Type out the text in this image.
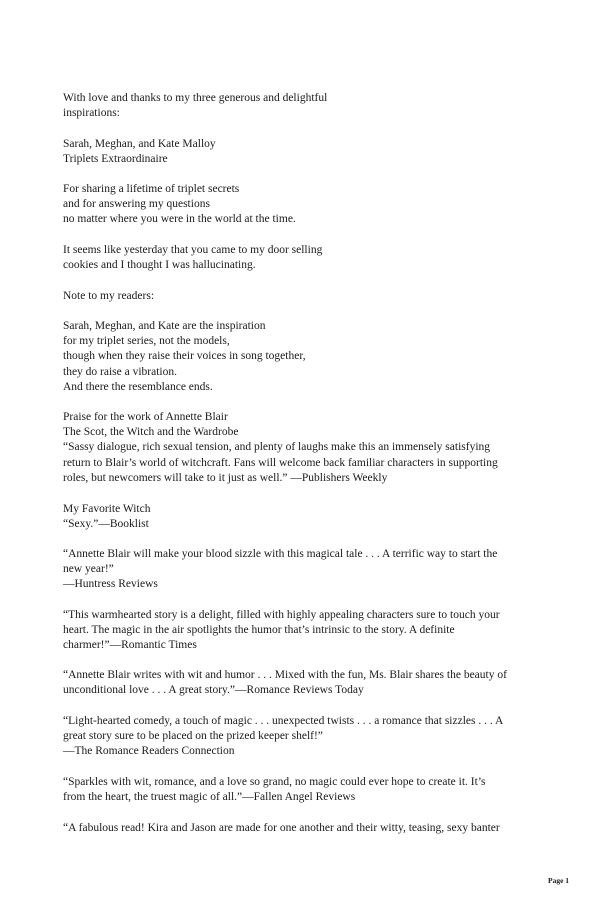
With love and thanks to my three generous and delightful
inspirations:
Sarah, Meghan, and Kate Malloy
Triplets Extraordinaire
For sharing a lifetime of triplet secrets
and for answering my questions
no matter where you were in the world at the time.
It seems like yesterday that you came to my door selling
cookies and I thought I was hallucinating.
Note to my readers:
Sarah, Meghan, and Kate are the inspiration
for my triplet series, not the models,
though when they raise their voices in song together,
they do raise a vibration.
And there the resemblance ends.
Praise for the work of Annette Blair
The Scot, the Witch and the Wardrobe
“Sassy dialogue, rich sexual tension, and plenty of laughs make this an immensely satisfying
return to Blair’s world of witchcraft. Fans will welcome back familiar characters in supporting
roles, but newcomers will take to it just as well.” —Publishers Weekly
My Favorite Witch
“Sexy.”—Booklist
“Annette Blair will make your blood sizzle with this magical tale . . . A terrific way to start the
new year!”
—Huntress Reviews
“This warmhearted story is a delight, filled with highly appealing characters sure to touch your
heart. The magic in the air spotlights the humor that’s intrinsic to the story. A definite
charmer!”—Romantic Times
“Annette Blair writes with wit and humor . . . Mixed with the fun, Ms. Blair shares the beauty of
unconditional love . . . A great story.”—Romance Reviews Today
“Light-hearted comedy, a touch of magic . . . unexpected twists . . . a romance that sizzles . . . A
great story sure to be placed on the prized keeper shelf!”
—The Romance Readers Connection
“Sparkles with wit, romance, and a love so grand, no magic could ever hope to create it. It’s
from the heart, the truest magic of all.”—Fallen Angel Reviews
“A fabulous read! Kira and Jason are made for one another and their witty, teasing, sexy banter
Page 1
